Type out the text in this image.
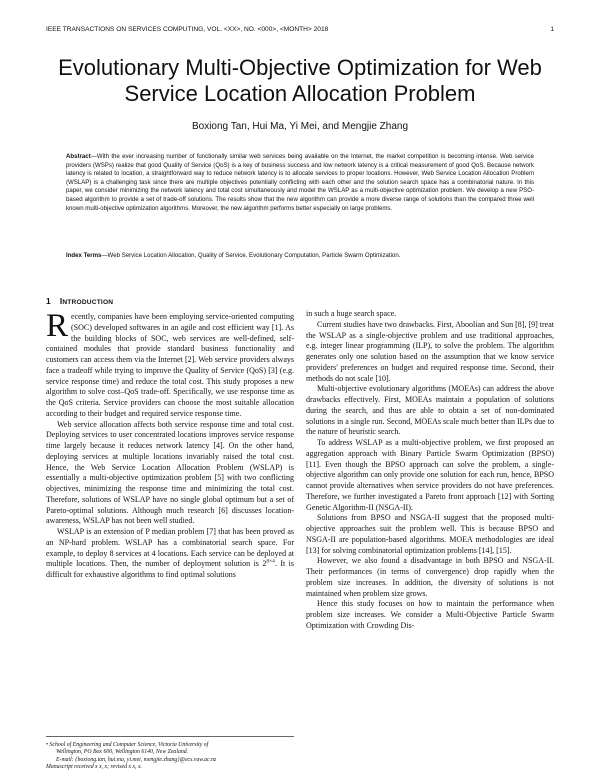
IEEE TRANSACTIONS ON SERVICES COMPUTING, VOL. <XX>, NO. <000>, <MONTH> 2018	1
Evolutionary Multi-Objective Optimization for Web Service Location Allocation Problem
Boxiong Tan, Hui Ma, Yi Mei, and Mengjie Zhang
Abstract—With the ever increasing number of functionally similar web services being available on the Internet, the market competition is becoming intense. Web service providers (WSPs) realize that good Quality of Service (QoS) is a key of business success and low network latency is a critical measurement of good QoS. Because network latency is related to location, a straightforward way to reduce network latency is to allocate services to proper locations. However, Web Service Location Allocation Problem (WSLAP) is a challenging task since there are multiple objectives potentially conflicting with each other and the solution search space has a combinatorial nature. In this paper, we consider minimizing the network latency and total cost simultaneously and model the WSLAP as a multi-objective optimization problem. We develop a new PSO-based algorithm to provide a set of trade-off solutions. The results show that the new algorithm can provide a more diverse range of solutions than the compared three well known multi-objective optimization algorithms. Moreover, the new algorithm performs better especially on large problems.
Index Terms—Web Service Location Allocation, Quality of Service, Evolutionary Computation, Particle Swarm Optimization.
1 INTRODUCTION

Recently, companies have been employing service-oriented computing (SOC) developed softwares in an agile and cost efficient way [1]. As the building blocks of SOC, web services are well-defined, self-contained modules that provide standard business functionality and customers can access them via the Internet [2]. Web service providers always face a tradeoff while trying to improve the Quality of Service (QoS) [3] (e.g. service response time) and reduce the total cost. This study proposes a new algorithm to solve cost–QoS trade-off. Specifically, we use response time as the QoS criteria. Service providers can choose the most suitable allocation according to their budget and required service response time.

Web service allocation affects both service response time and total cost. Deploying services to user concentrated locations improves service response time largely because it reduces network latency [4]. On the other hand, deploying services at multiple locations invariably raised the total cost. Hence, the Web Service Location Allocation Problem (WSLAP) is essentially a multi-objective optimization problem [5] with two conflicting objectives, minimizing the response time and minimizing the total cost. Therefore, solutions of WSLAP have no single global optimum but a set of Pareto-optimal solutions. Although much research [6] discusses location-awareness, WSLAP has not been well studied.

WSLAP is an extension of P median problem [7] that has been proved as an NP-hard problem. WSLAP has a combinatorial search space. For example, to deploy 8 services at 4 locations. Each service can be deployed at multiple locations. Then, the number of deployment solution is $2^{8\times 4}$. It is difficult for exhaustive algorithms to find optimal solutions

in such a huge search space.

Current studies have two drawbacks. First, Aboolian and Sun [8], [9] treat the WSLAP as a single-objective problem and use traditional approaches, e.g. integer linear programming (ILP), to solve the problem. The algorithm generates only one solution based on the assumption that we know service providers' preferences on budget and required response time. Second, their methods do not scale [10].

Multi-objective evolutionary algorithms (MOEAs) can address the above drawbacks effectively. First, MOEAs maintain a population of solutions during the search, and thus are able to obtain a set of non-dominated solutions in a single run. Second, MOEAs scale much better than ILPs due to the nature of heuristic search.

To address WSLAP as a multi-objective problem, we first proposed an aggregation approach with Binary Particle Swarm Optimization (BPSO) [11]. Even though the BPSO approach can solve the problem, a single-objective algorithm can only provide one solution for each run, hence, BPSO cannot provide alternatives when service providers do not have preferences. Therefore, we further investigated a Pareto front approach [12] with Sorting Genetic Algorithm-II (NSGA-II).

Solutions from BPSO and NSGA-II suggest that the proposed multi-objective approaches suit the problem well. This is because BPSO and NSGA-II are population-based algorithms. MOEA methodologies are ideal [13] for solving combinatorial optimization problems [14], [15].

However, we also found a disadvantage in both BPSO and NSGA-II. Their performances (in terms of convergence) drop rapidly when the problem size increases. In addition, the diversity of solutions is not maintained when problem size grows.

Hence this study focuses on how to maintain the performance when problem size increases. We consider a Multi-Objective Particle Swarm Optimization with Crowding Dis-

• School of Engineering and Computer Science, Victoria University of
Wellington, PO Box 600, Wellington 6140, New Zealand.
E-mail: {boxiong.tan, hui.ma, yi.mei, mengjie.zhang}@ecs.vuw.ac.nz
Manuscript received x x, x; revised x x, x.
